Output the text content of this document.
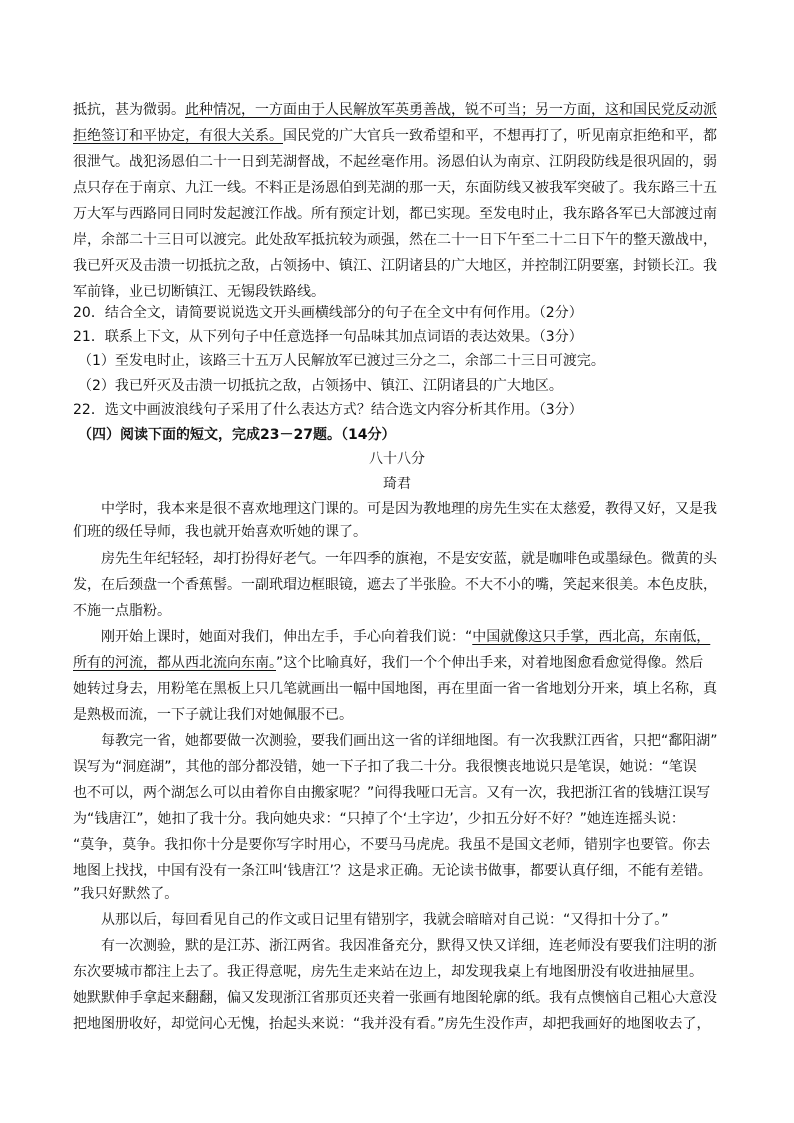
抵抗，甚为微弱。此种情况，一方面由于人民解放军英勇善战，锐不可当；另一方面，这和国民党反动派
拒绝签订和平协定，有很大关系。国民党的广大官兵一致希望和平，不想再打了，听见南京拒绝和平，都
很泄气。战犯汤恩伯二十一日到芜湖督战，不起丝毫作用。汤恩伯认为南京、江阴段防线是很巩固的，弱
点只存在于南京、九江一线。不料正是汤恩伯到芜湖的那一天，东面防线又被我军突破了。我东路三十五
万大军与西路同日同时发起渡江作战。所有预定计划，都已实现。至发电时止，我东路各军已大部渡过南
岸，余部二十三日可以渡完。此处敌军抵抗较为顽强，然在二十一日下午至二十二日下午的整天激战中，
我已歼灭及击溃一切抵抗之敌，占领扬中、镇江、江阴诸县的广大地区，并控制江阴要塞，封锁长江。我
军前锋，业已切断镇江、无锡段铁路线。
20．结合全文，请简要说说选文开头画横线部分的句子在全文中有何作用。（2分）
21．联系上下文，从下列句子中任意选择一句品味其加点词语的表达效果。（3分）
（1）至发电时止，该路三十五万人民解放军已渡过三分之二，余部二十三日可渡完。
（2）我已歼灭及击溃一切抵抗之敌，占领扬中、镇江、江阴诸县的广大地区。
22．选文中画波浪线句子采用了什么表达方式？结合选文内容分析其作用。（3分）
（四）阅读下面的短文，完成23－27题。（14分）
八十八分
琦君
中学时，我本来是很不喜欢地理这门课的。可是因为教地理的房先生实在太慈爱，教得又好，又是我
们班的级任导师，我也就开始喜欢听她的课了。
房先生年纪轻轻，却打扮得好老气。一年四季的旗袍，不是安安蓝，就是咖啡色或墨绿色。微黄的头
发，在后颈盘一个香蕉髻。一副玳瑁边框眼镜，遮去了半张脸。不大不小的嘴，笑起来很美。本色皮肤，
不施一点脂粉。
刚开始上课时，她面对我们，伸出左手，手心向着我们说：“中国就像这只手掌，西北高，东南低，
所有的河流，都从西北流向东南。”这个比喻真好，我们一个个伸出手来，对着地图愈看愈觉得像。然后
她转过身去，用粉笔在黑板上只几笔就画出一幅中国地图，再在里面一省一省地划分开来，填上名称，真
是熟极而流，一下子就让我们对她佩服不已。
每教完一省，她都要做一次测验，要我们画出这一省的详细地图。有一次我默江西省，只把“鄱阳湖”
误写为“洞庭湖”，其他的部分都没错，她一下子扣了我二十分。我很懊丧地说只是笔误，她说：“笔误
也不可以，两个湖怎么可以由着你自由搬家呢？”问得我哑口无言。又有一次，我把浙江省的钱塘江误写
为“钱唐江”，她扣了我十分。我向她央求：“只掉了个‘土字边’，少扣五分好不好？”她连连摇头说：
“莫争，莫争。我扣你十分是要你写字时用心，不要马马虎虎。我虽不是国文老师，错别字也要管。你去
地图上找找，中国有没有一条江叫‘钱唐江’？这是求正确。无论读书做事，都要认真仔细，不能有差错。
”我只好默然了。
从那以后，每回看见自己的作文或日记里有错别字，我就会暗暗对自己说：“又得扣十分了。”
有一次测验，默的是江苏、浙江两省。我因准备充分，默得又快又详细，连老师没有要我们注明的浙
东次要城市都注上去了。我正得意呢，房先生走来站在边上，却发现我桌上有地图册没有收进抽屉里。
她默默伸手拿起来翻翻，偏又发现浙江省那页还夹着一张画有地图轮廓的纸。我有点懊恼自己粗心大意没
把地图册收好，却觉问心无愧，抬起头来说：“我并没有看。”房先生没作声，却把我画好的地图收去了，
